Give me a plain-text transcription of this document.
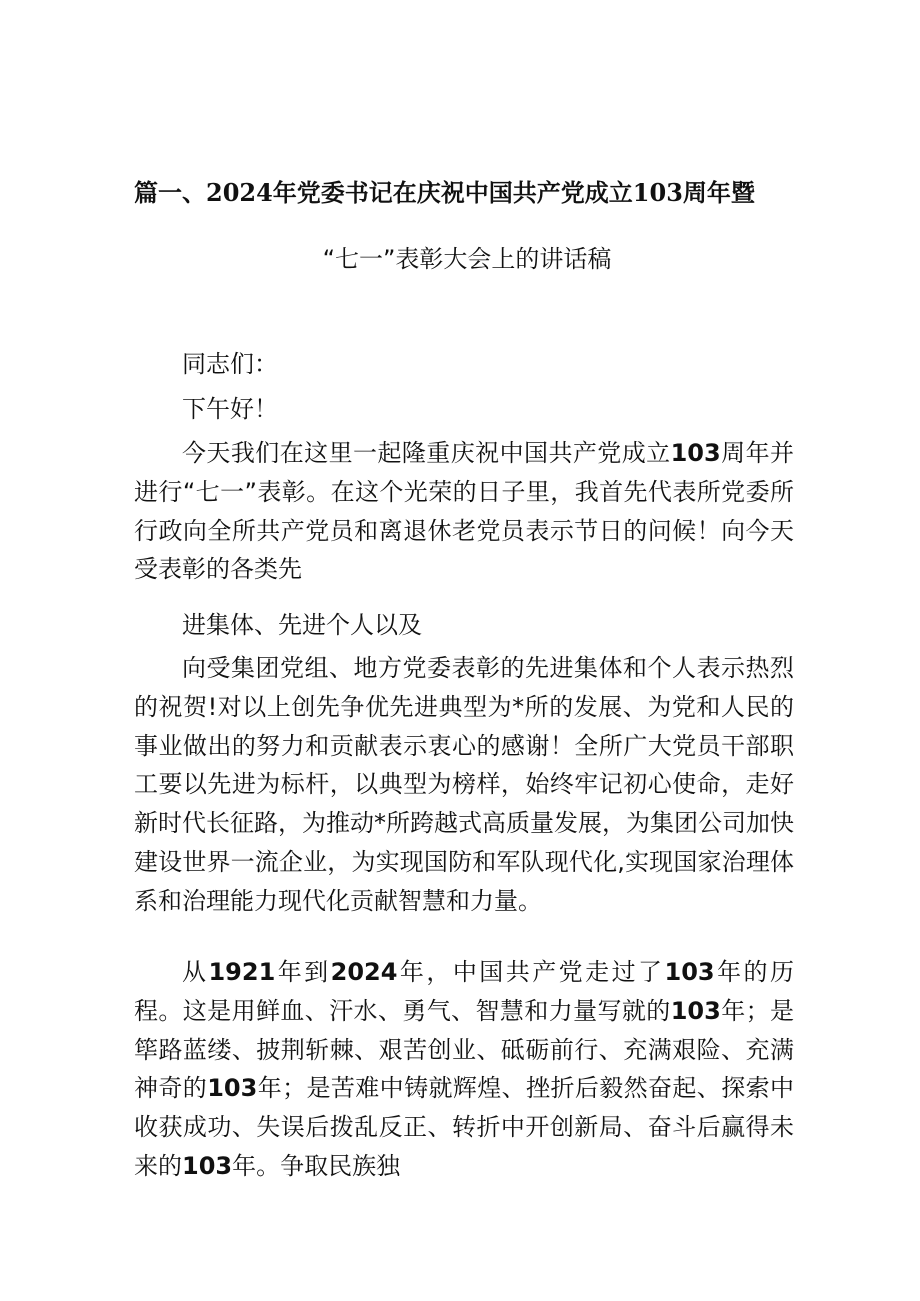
篇一、2024年党委书记在庆祝中国共产党成立103周年暨
“七一”表彰大会上的讲话稿

同志们：

下午好！

今天我们在这里一起隆重庆祝中国共产党成立103周年并进行“七一”表彰。在这个光荣的日子里，我首先代表所党委所行政向全所共产党员和离退休老党员表示节日的问候！向今天受表彰的各类先

进集体、先进个人以及

向受集团党组、地方党委表彰的先进集体和个人表示热烈的祝贺!对以上创先争优先进典型为*所的发展、为党和人民的事业做出的努力和贡献表示衷心的感谢！全所广大党员干部职工要以先进为标杆，以典型为榜样，始终牢记初心使命，走好新时代长征路，为推动*所跨越式高质量发展，为集团公司加快建设世界一流企业，为实现国防和军队现代化,实现国家治理体系和治理能力现代化贡献智慧和力量。

从1921年到2024年，中国共产党走过了103年的历程。这是用鲜血、汗水、勇气、智慧和力量写就的103年；是筚路蓝缕、披荆斩棘、艰苦创业、砥砺前行、充满艰险、充满神奇的103年；是苦难中铸就辉煌、挫折后毅然奋起、探索中收获成功、失误后拨乱反正、转折中开创新局、奋斗后赢得未来的103年。争取民族独
